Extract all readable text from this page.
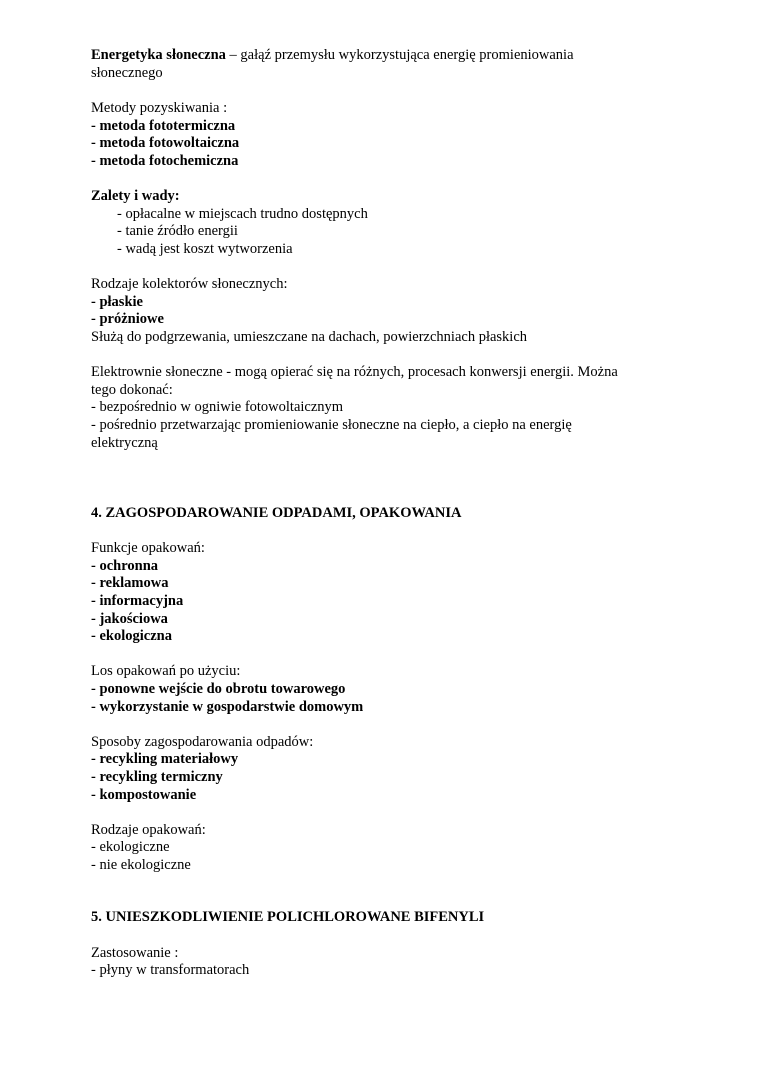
Energetyka słoneczna – gałąź przemysłu wykorzystująca energię promieniowania
słonecznego
Metody pozyskiwania :
- metoda fototermiczna
- metoda fotowoltaiczna
- metoda fotochemiczna
Zalety i wady:
- opłacalne w miejscach trudno dostępnych
- tanie źródło energii
- wadą jest koszt wytworzenia
Rodzaje kolektorów słonecznych:
- płaskie
- próżniowe
Służą do podgrzewania, umieszczane na dachach, powierzchniach płaskich
Elektrownie słoneczne - mogą opierać się na różnych, procesach konwersji energii. Można
tego dokonać:
- bezpośrednio w ogniwie fotowoltaicznym
- pośrednio przetwarzając promieniowanie słoneczne na ciepło, a ciepło na energię
elektryczną
4. ZAGOSPODAROWANIE ODPADAMI, OPAKOWANIA
Funkcje opakowań:
- ochronna
- reklamowa
- informacyjna
- jakościowa
- ekologiczna
Los opakowań po użyciu:
- ponowne wejście do obrotu towarowego
- wykorzystanie w gospodarstwie domowym
Sposoby zagospodarowania odpadów:
- recykling materiałowy
- recykling termiczny
- kompostowanie
Rodzaje opakowań:
- ekologiczne
- nie ekologiczne
5. UNIESZKODLIWIENIE POLICHLOROWANE BIFENYLI
Zastosowanie :
- płyny w transformatorach
